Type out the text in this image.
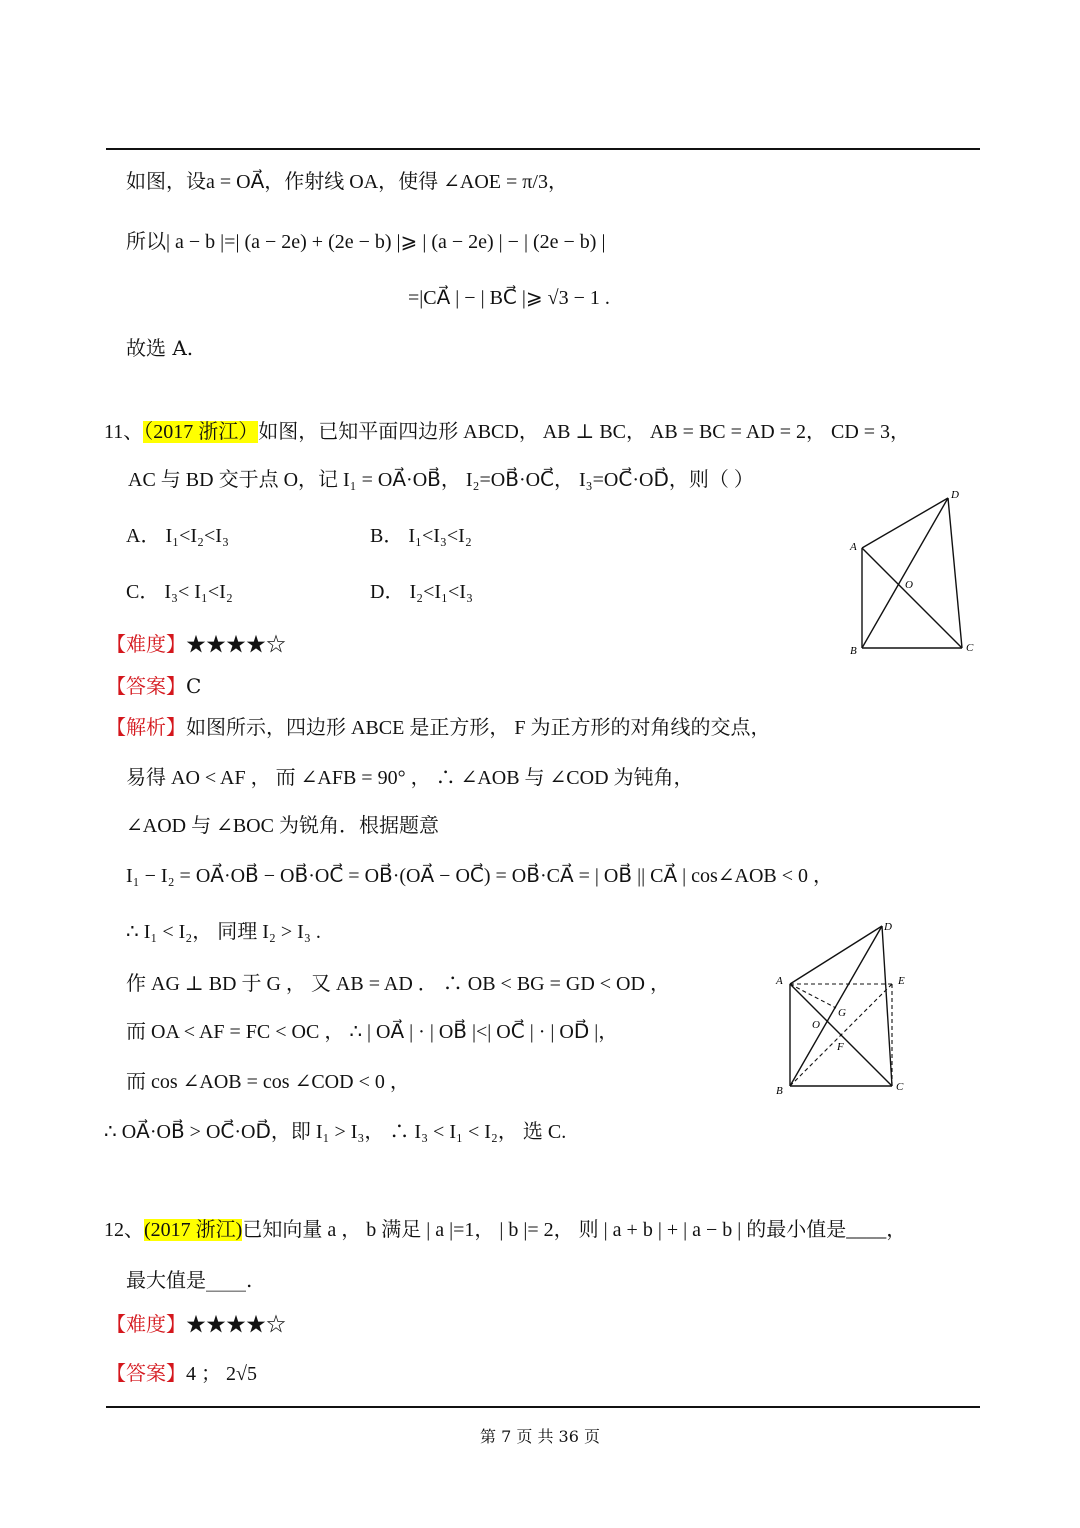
如图，设a = OA⃗，作射线 OA，使得 ∠AOE = π/3，
所以| a − b |=| (a − 2e) + (2e − b) |⩾ | (a − 2e) | − | (2e − b) |
=|CA⃗ | − | BC⃗ |⩾ √3 − 1 .
故选 A.
11、（2017 浙江）如图，已知平面四边形 ABCD， AB ⊥ BC， AB = BC = AD = 2， CD = 3，
AC 与 BD 交于点 O，记 I₁ = OA⃗·OB⃗， I₂=OB⃗·OC⃗， I₃=OC⃗·OD⃗，则（ ）
A． I₁<I₂<I₃	B． I₁<I₃<I₂
C． I₃< I₁<I₂	D． I₂<I₁<I₃
A
B	C
D
O
【难度】★★★★☆
【答案】C
【解析】如图所示，四边形 ABCE 是正方形， F 为正方形的对角线的交点，
易得 AO < AF ， 而 ∠AFB = 90° ， ∴ ∠AOB 与 ∠COD 为钝角，
∠AOD 与 ∠BOC 为锐角．根据题意
I₁ − I₂ = OA⃗·OB⃗ − OB⃗·OC⃗ = OB⃗·(OA⃗ − OC⃗) = OB⃗·CA⃗ = | OB⃗ || CA⃗ | cos∠AOB < 0 ，
∴ I₁ < I₂， 同理 I₂ > I₃ .
作 AG ⊥ BD 于 G ， 又 AB = AD ． ∴ OB < BG = GD < OD ，
而 OA < AF = FC < OC ， ∴ | OA⃗ | · | OB⃗ |<| OC⃗ | · | OD⃗ |，
而 cos ∠AOB = cos ∠COD < 0 ，
∴ OA⃗·OB⃗ > OC⃗·OD⃗，即 I₁ > I₃， ∴ I₃ < I₁ < I₂， 选 C.
A
B	C
D
E
G
O
F
12、(2017 浙江)已知向量 a ， b 满足 | a |=1， | b |= 2， 则 | a + b | + | a − b | 的最小值是____，
最大值是____.
【难度】★★★★☆
【答案】4 ； 2√5
第 7 页 共 36 页
